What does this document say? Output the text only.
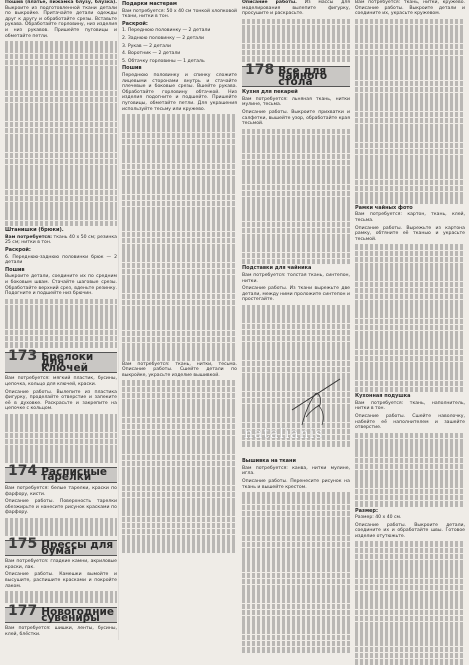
Пошив (платье, пижамка блузу, блузка). Выкроите из подготовленной ткани детали по выкройке. Притачайте детали одежды друг к другу и обработайте срезы. Вставьте рукава. Обработайте горловину, низ изделия и низ рукавов. Пришейте пуговицы и обметайте петли.

Штанишки (брюки).

Вам потребуется: ткань 40 х 50 см; резинка 25 см; нитки в тон.

Раскрой:

6. Переднюю-заднюю половинки брюк — 2 детали

Пошив

Выкроите детали, соедините их по средним и боковым швам. Стачайте шаговые срезы. Обработайте верхний срез, вденьте резинку. Подогните и подшейте низ брючин.

173 Брелоки для ключей

Вам потребуется: мягкий пластик, бусины, цепочка, кольцо для ключей, краски.

Описание работы. Вылепите из пластика фигурку, проделайте отверстие и запеките её в духовке. Раскрасьте и закрепите на цепочке с кольцом.

174 Расписные тарелки

Вам потребуется: белые тарелки, краски по фарфору, кисти.

Описание работы. Поверхность тарелки обезжирьте и нанесите рисунок красками по фарфору.

175 Прессы для бумаг

Вам потребуется: гладкие камни, акриловые краски, лак.

Описание работы. Камешки вымойте и высушите, распишите красками и покройте лаком.

177 Новогодние сувениры

Вам потребуется: шишки, ленты, бусины, клей, блёстки.

Подарки мастерам

Вам потребуется: 50 х 40 см тонкой хлопковой ткани, нитки в тон.

Раскрой:

1. Переднюю половинку — 2 детали

2. Заднюю половинку — 2 детали

3. Рукав — 2 детали

4. Воротник — 2 детали

5. Обтачку горловины — 1 деталь

Пошив

Переднюю половинку и спинку сложите лицевыми сторонами внутрь и стачайте плечевые и боковые срезы. Вшейте рукава. Обработайте горловину обтачкой. Низ изделия подогните и подшейте. Пришейте пуговицы, обметайте петли. Для украшения используйте тесьму или кружево.

Вам потребуется: ткань, нитки, тесьма. Описание работы. Сшейте детали по выкройке, украсьте изделие вышивкой.

Описание работы. Из массы для моделирования вылепите фигурку, просушите и раскрасьте.

178 Все для чайного стола
Кухня для пекарей

Вам потребуется: льняная ткань, нитки мулине, тесьма.

Описание работы. Выкроите прихватки и салфетки, вышейте узор, обработайте края тесьмой.

Подставки для чайника

Вам потребуется: толстая ткань, синтепон, нитки.

Описание работы. Из ткани вырежьте две детали, между ними проложите синтепон и простегайте.

Вышивка на ткани

Вам потребуется: канва, нитки мулине, игла.

Описание работы. Перенесите рисунок на ткань и вышейте крестом.

Вам потребуется: ткань, нитки, кружево. Описание работы. Выкроите детали и соедините их, украсьте кружевом.

Рамки чайных фото

Вам потребуется: картон, ткань, клей, тесьма.

Описание работы. Вырежьте из картона рамку, обтяните её тканью и украсьте тесьмой.

Кухонная подушка

Вам потребуется: ткань, наполнитель, нитки в тон.

Описание работы. Сшейте наволочку, набейте её наполнителем и зашейте отверстие.

Размер:

Размер: 40 х 40 см.

Описание работы. Выкроите детали, соедините их и обработайте швы. Готовое изделие отутюжьте.

natalianis
